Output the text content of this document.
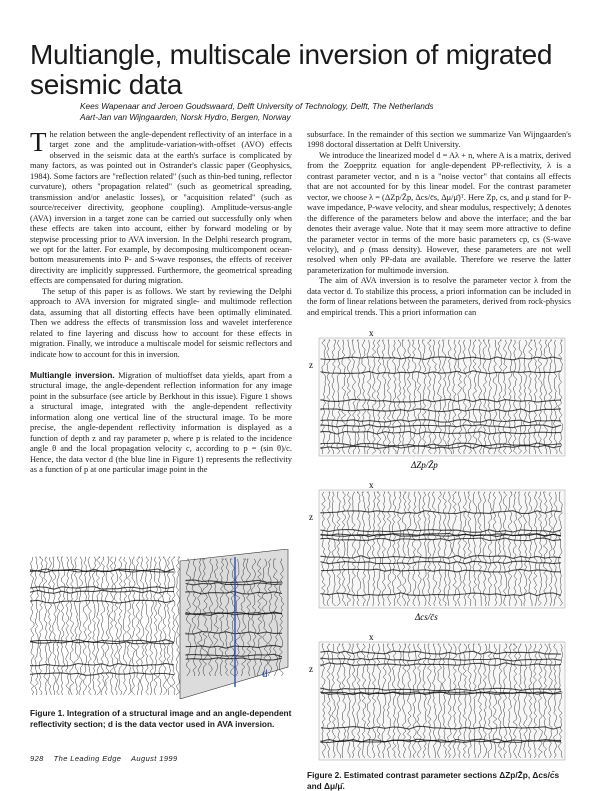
Multiangle, multiscale inversion of migrated seismic data
Kees Wapenaar and Jeroen Goudswaard, Delft University of Technology, Delft, The Netherlands
Aart-Jan van Wijngaarden, Norsk Hydro, Bergen, Norway

The relation between the angle-dependent reflectivity of an interface in a target zone and the amplitude-variation-with-offset (AVO) effects observed in the seismic data at the earth's surface is complicated by many factors, as was pointed out in Ostrander's classic paper (Geophysics, 1984). Some factors are "reflection related" (such as thin-bed tuning, reflector curvature), others "propagation related" (such as geometrical spreading, transmission and/or anelastic losses), or "acquisition related" (such as source/receiver directivity, geophone coupling). Amplitude-versus-angle (AVA) inversion in a target zone can be carried out successfully only when these effects are taken into account, either by forward modeling or by stepwise processing prior to AVA inversion. In the Delphi research program, we opt for the latter. For example, by decomposing multicomponent ocean-bottom measurements into P- and S-wave responses, the effects of receiver directivity are implicitly suppressed. Furthermore, the geometrical spreading effects are compensated for during migration.

The setup of this paper is as follows. We start by reviewing the Delphi approach to AVA inversion for migrated single- and multimode reflection data, assuming that all distorting effects have been optimally eliminated. Then we address the effects of transmission loss and wavelet interference related to fine layering and discuss how to account for these effects in migration. Finally, we introduce a multiscale model for seismic reflectors and indicate how to account for this in inversion.

Multiangle inversion. Migration of multioffset data yields, apart from a structural image, the angle-dependent reflection information for any image point in the subsurface (see article by Berkhout in this issue). Figure 1 shows a structural image, integrated with the angle-dependent reflectivity information along one vertical line of the structural image. To be more precise, the angle-dependent reflectivity information is displayed as a function of depth z and ray parameter p, where p is related to the incidence angle θ and the local propagation velocity c, according to p = (sin θ)/c. Hence, the data vector d (the blue line in Figure 1) represents the reflectivity as a function of p at one particular image point in the

subsurface. In the remainder of this section we summarize Van Wijngaarden's 1998 doctoral dissertation at Delft University.

We introduce the linearized model d = Aλ + n, where A is a matrix, derived from the Zoeppritz equation for angle-dependent PP-reflectivity, λ is a contrast parameter vector, and n is a "noise vector" that contains all effects that are not accounted for by this linear model. For the contrast parameter vector, we choose λ = (ΔZp/Z̄p, Δcs/c̄s, Δμ/μ̄)ᵀ. Here Zp, cs, and μ stand for P-wave impedance, P-wave velocity, and shear modulus, respectively; Δ denotes the difference of the parameters below and above the interface; and the bar denotes their average value. Note that it may seem more attractive to define the parameter vector in terms of the more basic parameters cp, cs (S-wave velocity), and ρ (mass density). However, these parameters are not well resolved when only PP-data are available. Therefore we reserve the latter parameterization for multimode inversion.

The aim of AVA inversion is to resolve the parameter vector λ from the data vector d. To stabilize this process, a priori information can be included in the form of linear relations between the parameters, derived from rock-physics and empirical trends. This a priori information can

d
Figure 1. Integration of a structural image and an angle-dependent reflectivity section; d is the data vector used in AVA inversion.
x
z
ΔZp/Z̄p
x
z
Δcs/c̄s
x
z
Figure 2. Estimated contrast parameter sections ΔZp/Z̄p, Δcs/c̄s and Δμ/μ̄.
928 The Leading Edge August 1999
